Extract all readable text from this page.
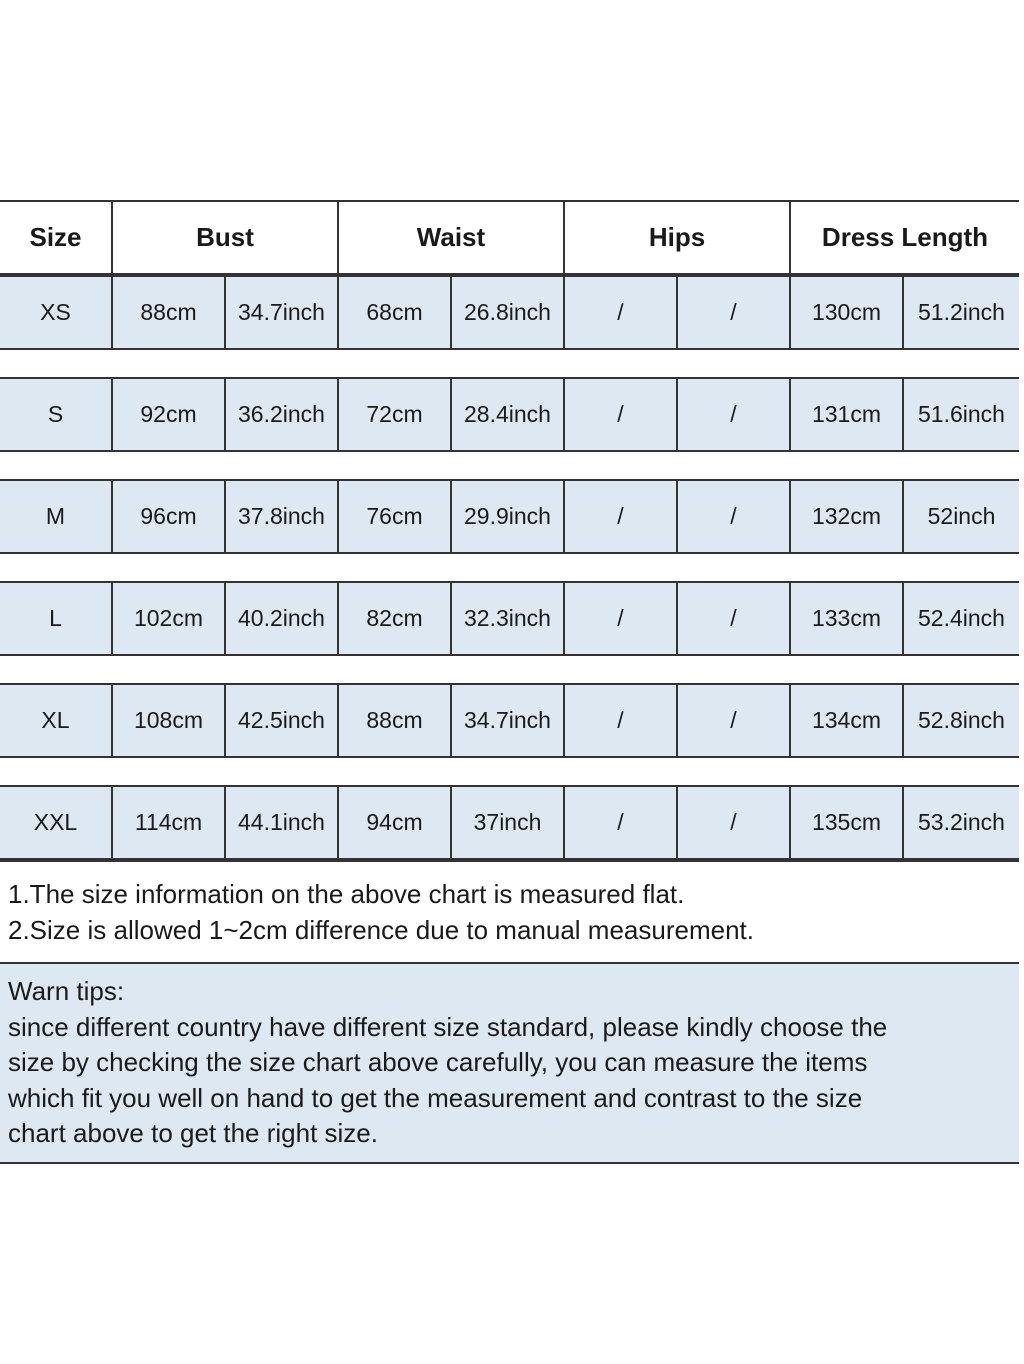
Size	Bust	Waist	Hips	Dress Length
XS	88cm	34.7inch	68cm	26.8inch	/	/	130cm	51.2inch
S	92cm	36.2inch	72cm	28.4inch	/	/	131cm	51.6inch
M	96cm	37.8inch	76cm	29.9inch	/	/	132cm	52inch
L	102cm	40.2inch	82cm	32.3inch	/	/	133cm	52.4inch
XL	108cm	42.5inch	88cm	34.7inch	/	/	134cm	52.8inch
XXL	114cm	44.1inch	94cm	37inch	/	/	135cm	53.2inch
1.The size information on the above chart is measured flat.
2.Size is allowed 1~2cm difference due to manual measurement.
Warn tips:
since different country have different size standard, please kindly choose the
size by checking the size chart above carefully, you can measure the items
which fit you well on hand to get the measurement and contrast to the size
chart above to get the right size.
